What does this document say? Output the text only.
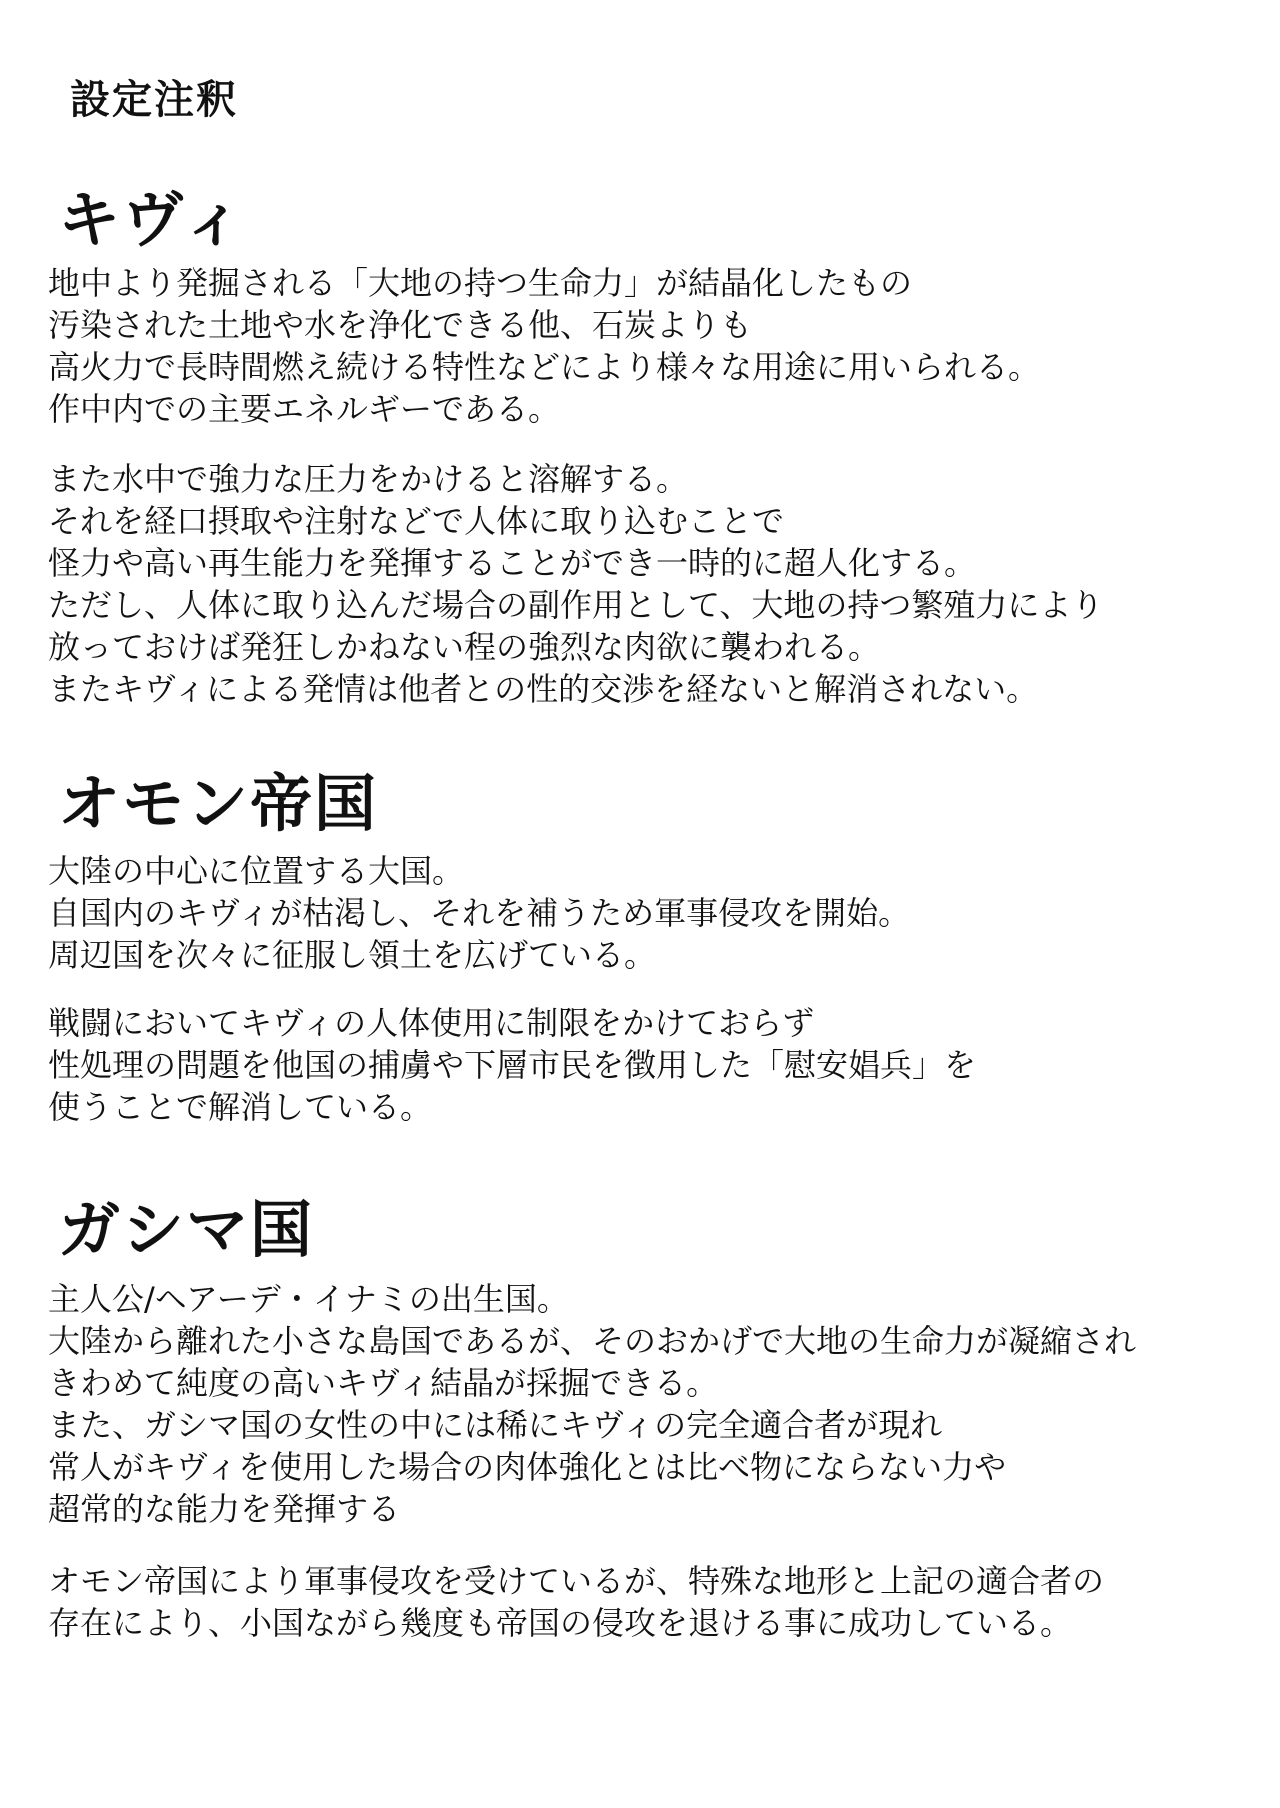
設定注釈
キヴィ

地中より発掘される「大地の持つ生命力」が結晶化したもの
汚染された土地や水を浄化できる他、石炭よりも
高火力で長時間燃え続ける特性などにより様々な用途に用いられる。
作中内での主要エネルギーである。

また水中で強力な圧力をかけると溶解する。
それを経口摂取や注射などで人体に取り込むことで
怪力や高い再生能力を発揮することができ一時的に超人化する。
ただし、人体に取り込んだ場合の副作用として、大地の持つ繁殖力により
放っておけば発狂しかねない程の強烈な肉欲に襲われる。
またキヴィによる発情は他者との性的交渉を経ないと解消されない。

オモン帝国

大陸の中心に位置する大国。
自国内のキヴィが枯渇し、それを補うため軍事侵攻を開始。
周辺国を次々に征服し領土を広げている。

戦闘においてキヴィの人体使用に制限をかけておらず
性処理の問題を他国の捕虜や下層市民を徴用した「慰安娼兵」を
使うことで解消している。

ガシマ国

主人公/ヘアーデ・イナミの出生国。
大陸から離れた小さな島国であるが、そのおかげで大地の生命力が凝縮され
きわめて純度の高いキヴィ結晶が採掘できる。
また、ガシマ国の女性の中には稀にキヴィの完全適合者が現れ
常人がキヴィを使用した場合の肉体強化とは比べ物にならない力や
超常的な能力を発揮する

オモン帝国により軍事侵攻を受けているが、特殊な地形と上記の適合者の
存在により、小国ながら幾度も帝国の侵攻を退ける事に成功している。
